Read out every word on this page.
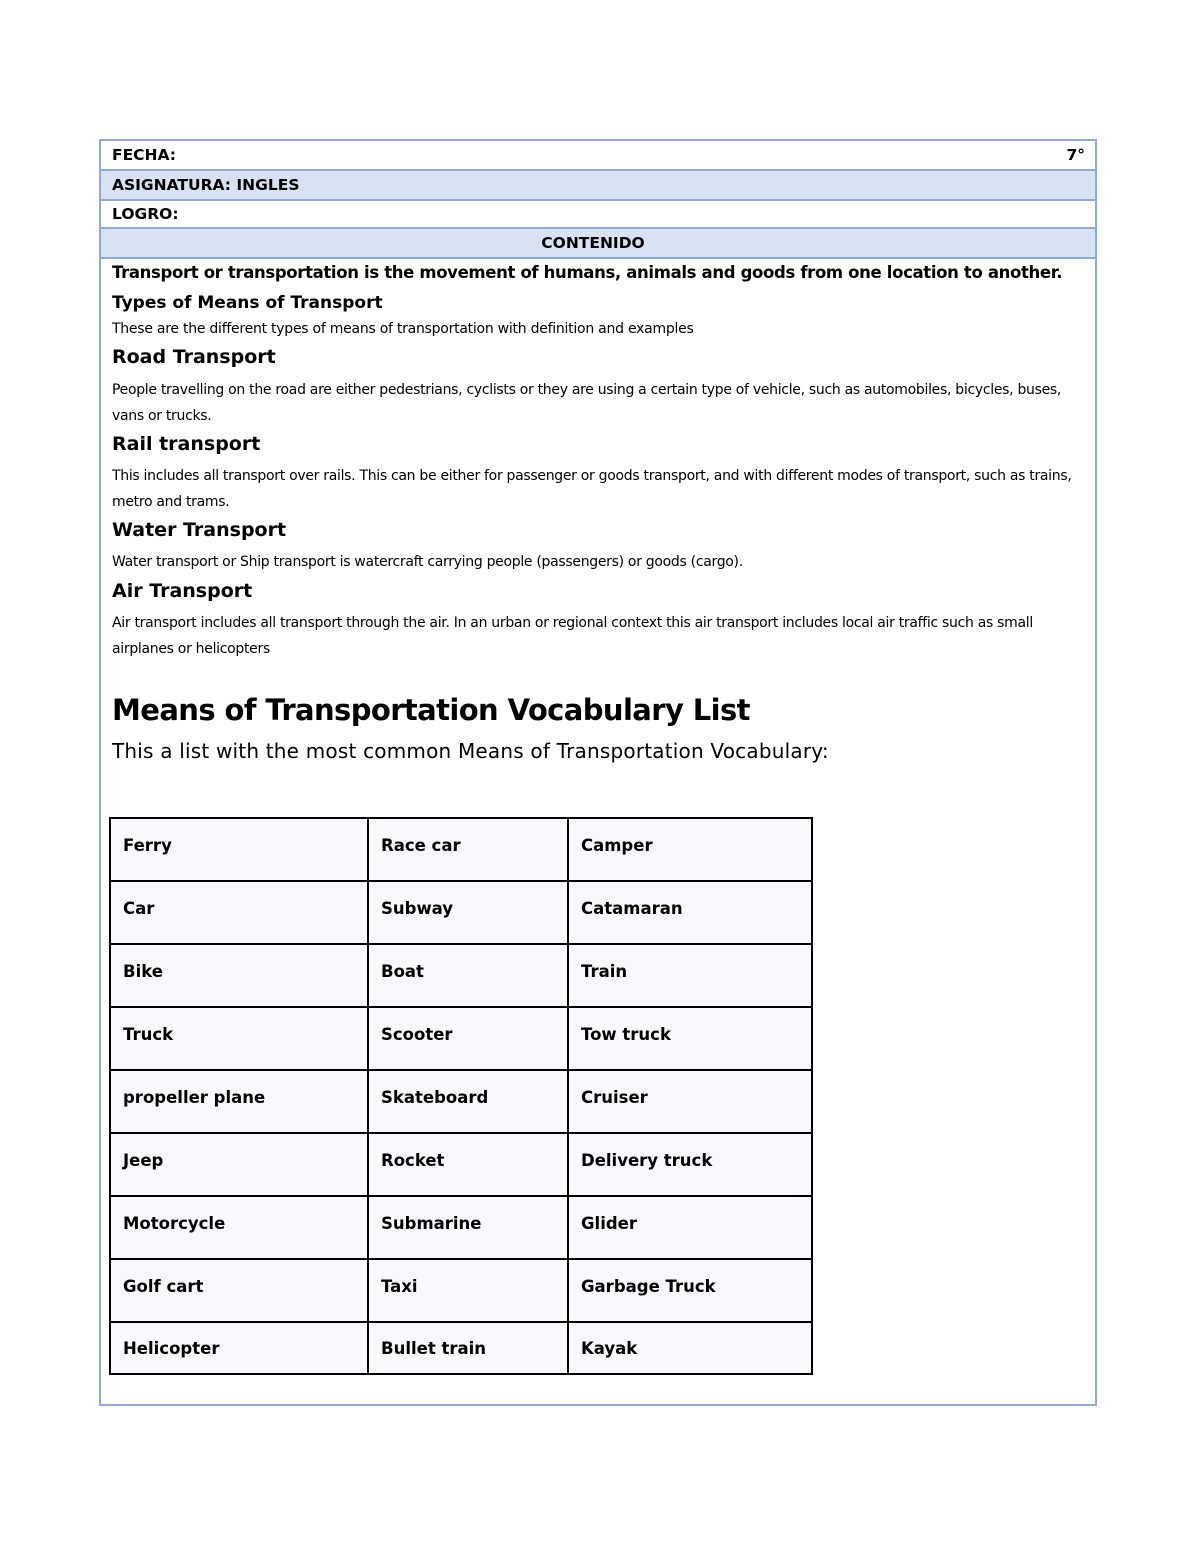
FECHA:	7°
ASIGNATURA: INGLES
LOGRO:
CONTENIDO
Transport or transportation is the movement of humans, animals and goods from one location to another.
Types of Means of Transport
These are the different types of means of transportation with definition and examples
Road Transport
People travelling on the road are either pedestrians, cyclists or they are using a certain type of vehicle, such as automobiles, bicycles, buses, vans or trucks.
Rail transport
This includes all transport over rails. This can be either for passenger or goods transport, and with different modes of transport, such as trains, metro and trams.
Water Transport
Water transport or Ship transport is watercraft carrying people (passengers) or goods (cargo).
Air Transport
Air transport includes all transport through the air. In an urban or regional context this air transport includes local air traffic such as small airplanes or helicopters
Means of Transportation Vocabulary List
This a list with the most common Means of Transportation Vocabulary:
Ferry	Race car	Camper
Car	Subway	Catamaran
Bike	Boat	Train
Truck	Scooter	Tow truck
propeller plane	Skateboard	Cruiser
Jeep	Rocket	Delivery truck
Motorcycle	Submarine	Glider
Golf cart	Taxi	Garbage Truck
Helicopter	Bullet train	Kayak
